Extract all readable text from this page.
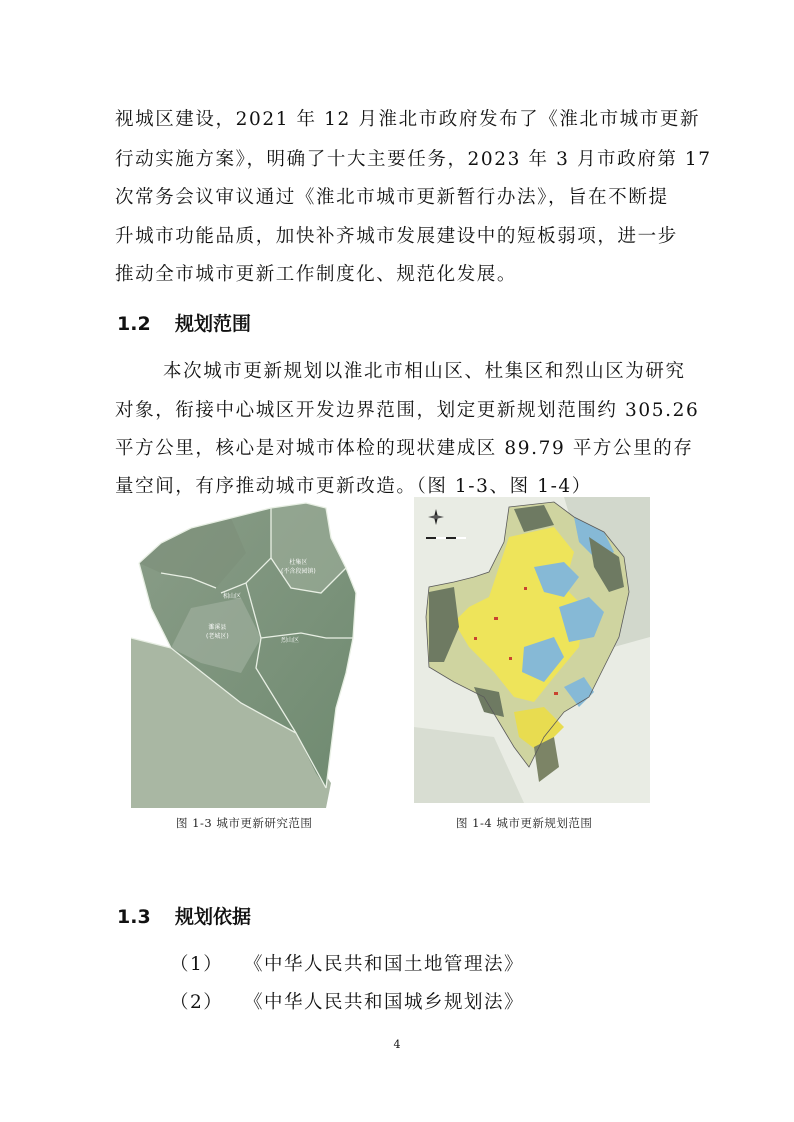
视城区建设，2021 年 12 月淮北市政府发布了《淮北市城市更新
行动实施方案》，明确了十大主要任务，2023 年 3 月市政府第 17
次常务会议审议通过《淮北市城市更新暂行办法》，旨在不断提
升城市功能品质，加快补齐城市发展建设中的短板弱项，进一步
推动全市城市更新工作制度化、规范化发展。
1.2 规划范围
本次城市更新规划以淮北市相山区、杜集区和烈山区为研究
对象，衔接中心城区开发边界范围，划定更新规划范围约 305.26
平方公里，核心是对城市体检的现状建成区 89.79 平方公里的存
量空间，有序推动城市更新改造。（图 1-3、图 1-4）
杜集区
(不含段园镇)
相山区
濉溪县
(老城区)
烈山区
图 1-3 城市更新研究范围	图 1-4 城市更新规划范围
1.3 规划依据
（1） 《中华人民共和国土地管理法》
（2） 《中华人民共和国城乡规划法》
4
